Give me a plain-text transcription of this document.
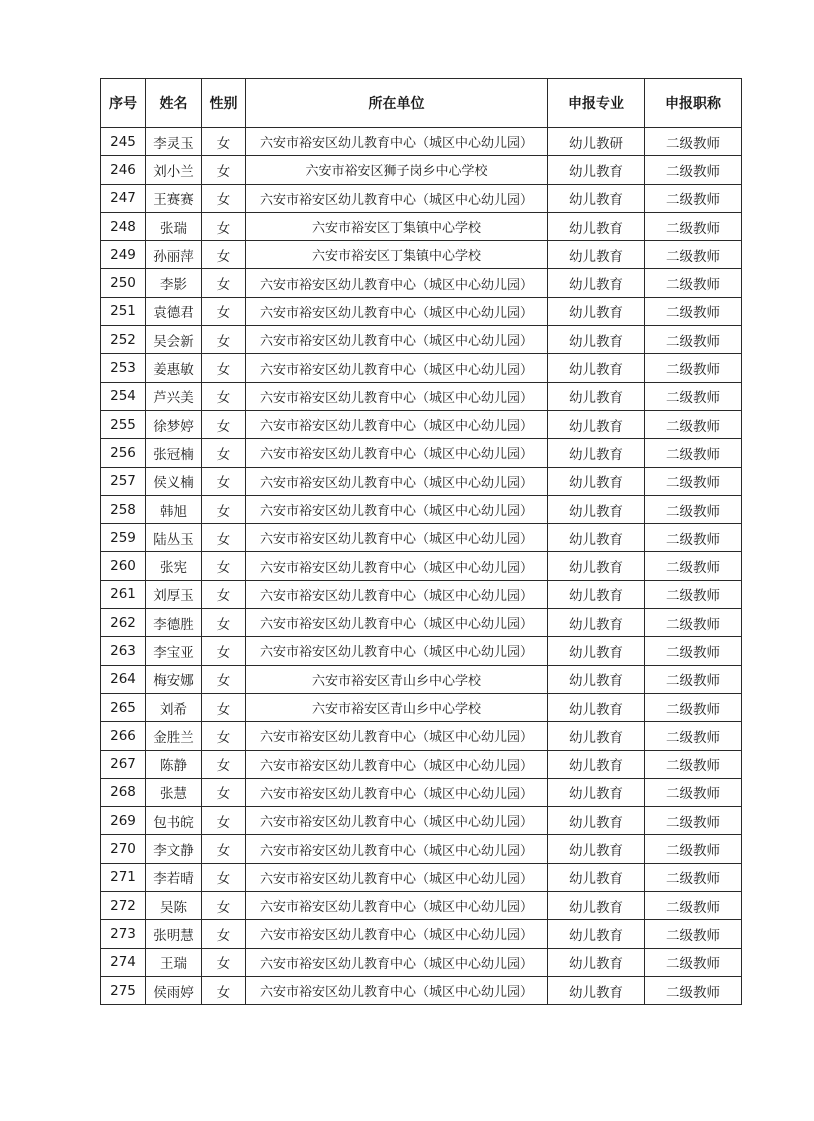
序号	姓名	性别	所在单位	申报专业	申报职称
245	李灵玉	女	六安市裕安区幼儿教育中心（城区中心幼儿园）	幼儿教研	二级教师
246	刘小兰	女	六安市裕安区狮子岗乡中心学校	幼儿教育	二级教师
247	王赛赛	女	六安市裕安区幼儿教育中心（城区中心幼儿园）	幼儿教育	二级教师
248	张瑞	女	六安市裕安区丁集镇中心学校	幼儿教育	二级教师
249	孙丽萍	女	六安市裕安区丁集镇中心学校	幼儿教育	二级教师
250	李影	女	六安市裕安区幼儿教育中心（城区中心幼儿园）	幼儿教育	二级教师
251	袁德君	女	六安市裕安区幼儿教育中心（城区中心幼儿园）	幼儿教育	二级教师
252	吴会新	女	六安市裕安区幼儿教育中心（城区中心幼儿园）	幼儿教育	二级教师
253	姜惠敏	女	六安市裕安区幼儿教育中心（城区中心幼儿园）	幼儿教育	二级教师
254	芦兴美	女	六安市裕安区幼儿教育中心（城区中心幼儿园）	幼儿教育	二级教师
255	徐梦婷	女	六安市裕安区幼儿教育中心（城区中心幼儿园）	幼儿教育	二级教师
256	张冠楠	女	六安市裕安区幼儿教育中心（城区中心幼儿园）	幼儿教育	二级教师
257	侯义楠	女	六安市裕安区幼儿教育中心（城区中心幼儿园）	幼儿教育	二级教师
258	韩旭	女	六安市裕安区幼儿教育中心（城区中心幼儿园）	幼儿教育	二级教师
259	陆丛玉	女	六安市裕安区幼儿教育中心（城区中心幼儿园）	幼儿教育	二级教师
260	张宪	女	六安市裕安区幼儿教育中心（城区中心幼儿园）	幼儿教育	二级教师
261	刘厚玉	女	六安市裕安区幼儿教育中心（城区中心幼儿园）	幼儿教育	二级教师
262	李德胜	女	六安市裕安区幼儿教育中心（城区中心幼儿园）	幼儿教育	二级教师
263	李宝亚	女	六安市裕安区幼儿教育中心（城区中心幼儿园）	幼儿教育	二级教师
264	梅安娜	女	六安市裕安区青山乡中心学校	幼儿教育	二级教师
265	刘希	女	六安市裕安区青山乡中心学校	幼儿教育	二级教师
266	金胜兰	女	六安市裕安区幼儿教育中心（城区中心幼儿园）	幼儿教育	二级教师
267	陈静	女	六安市裕安区幼儿教育中心（城区中心幼儿园）	幼儿教育	二级教师
268	张慧	女	六安市裕安区幼儿教育中心（城区中心幼儿园）	幼儿教育	二级教师
269	包书皖	女	六安市裕安区幼儿教育中心（城区中心幼儿园）	幼儿教育	二级教师
270	李文静	女	六安市裕安区幼儿教育中心（城区中心幼儿园）	幼儿教育	二级教师
271	李若晴	女	六安市裕安区幼儿教育中心（城区中心幼儿园）	幼儿教育	二级教师
272	吴陈	女	六安市裕安区幼儿教育中心（城区中心幼儿园）	幼儿教育	二级教师
273	张明慧	女	六安市裕安区幼儿教育中心（城区中心幼儿园）	幼儿教育	二级教师
274	王瑞	女	六安市裕安区幼儿教育中心（城区中心幼儿园）	幼儿教育	二级教师
275	侯雨婷	女	六安市裕安区幼儿教育中心（城区中心幼儿园）	幼儿教育	二级教师
